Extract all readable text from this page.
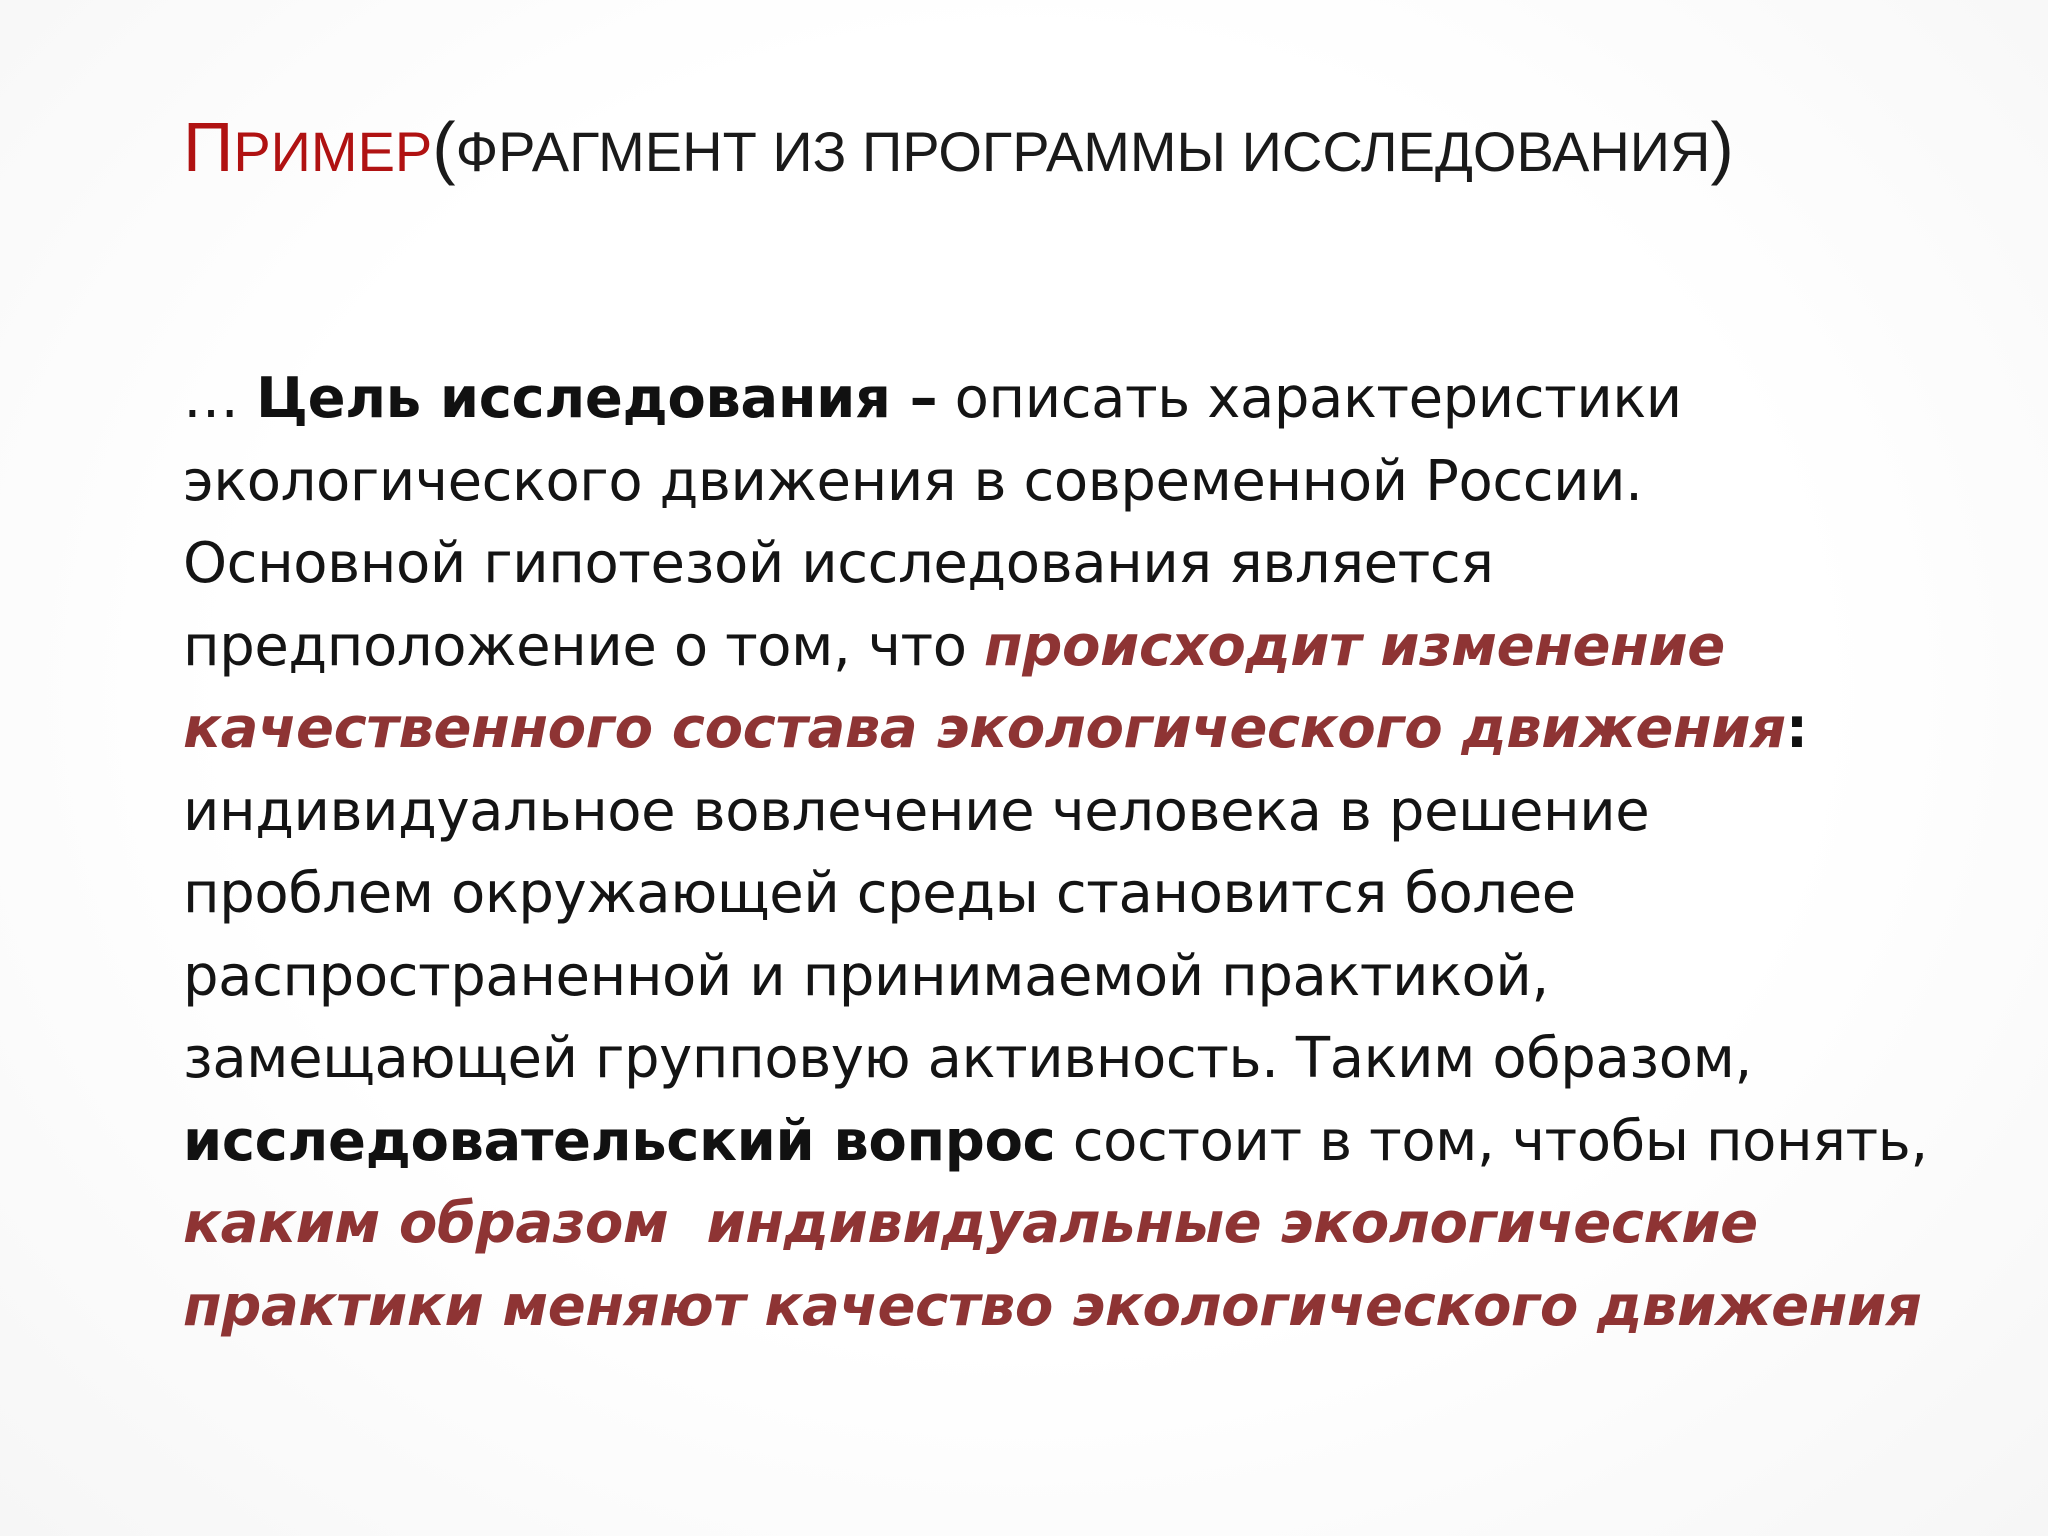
ПРИМЕР(ФРАГМЕНТ ИЗ ПРОГРАММЫ ИССЛЕДОВАНИЯ)
… Цель исследования – описать характеристики
экологического движения в современной России.
Основной гипотезой исследования является
предположение о том, что происходит изменение
качественного состава экологического движения:
индивидуальное вовлечение человека в решение
проблем окружающей среды становится более
распространенной и принимаемой практикой,
замещающей групповую активность. Таким образом,
исследовательский вопрос состоит в том, чтобы понять,
каким образом  индивидуальные экологические
практики меняют качество экологического движения
